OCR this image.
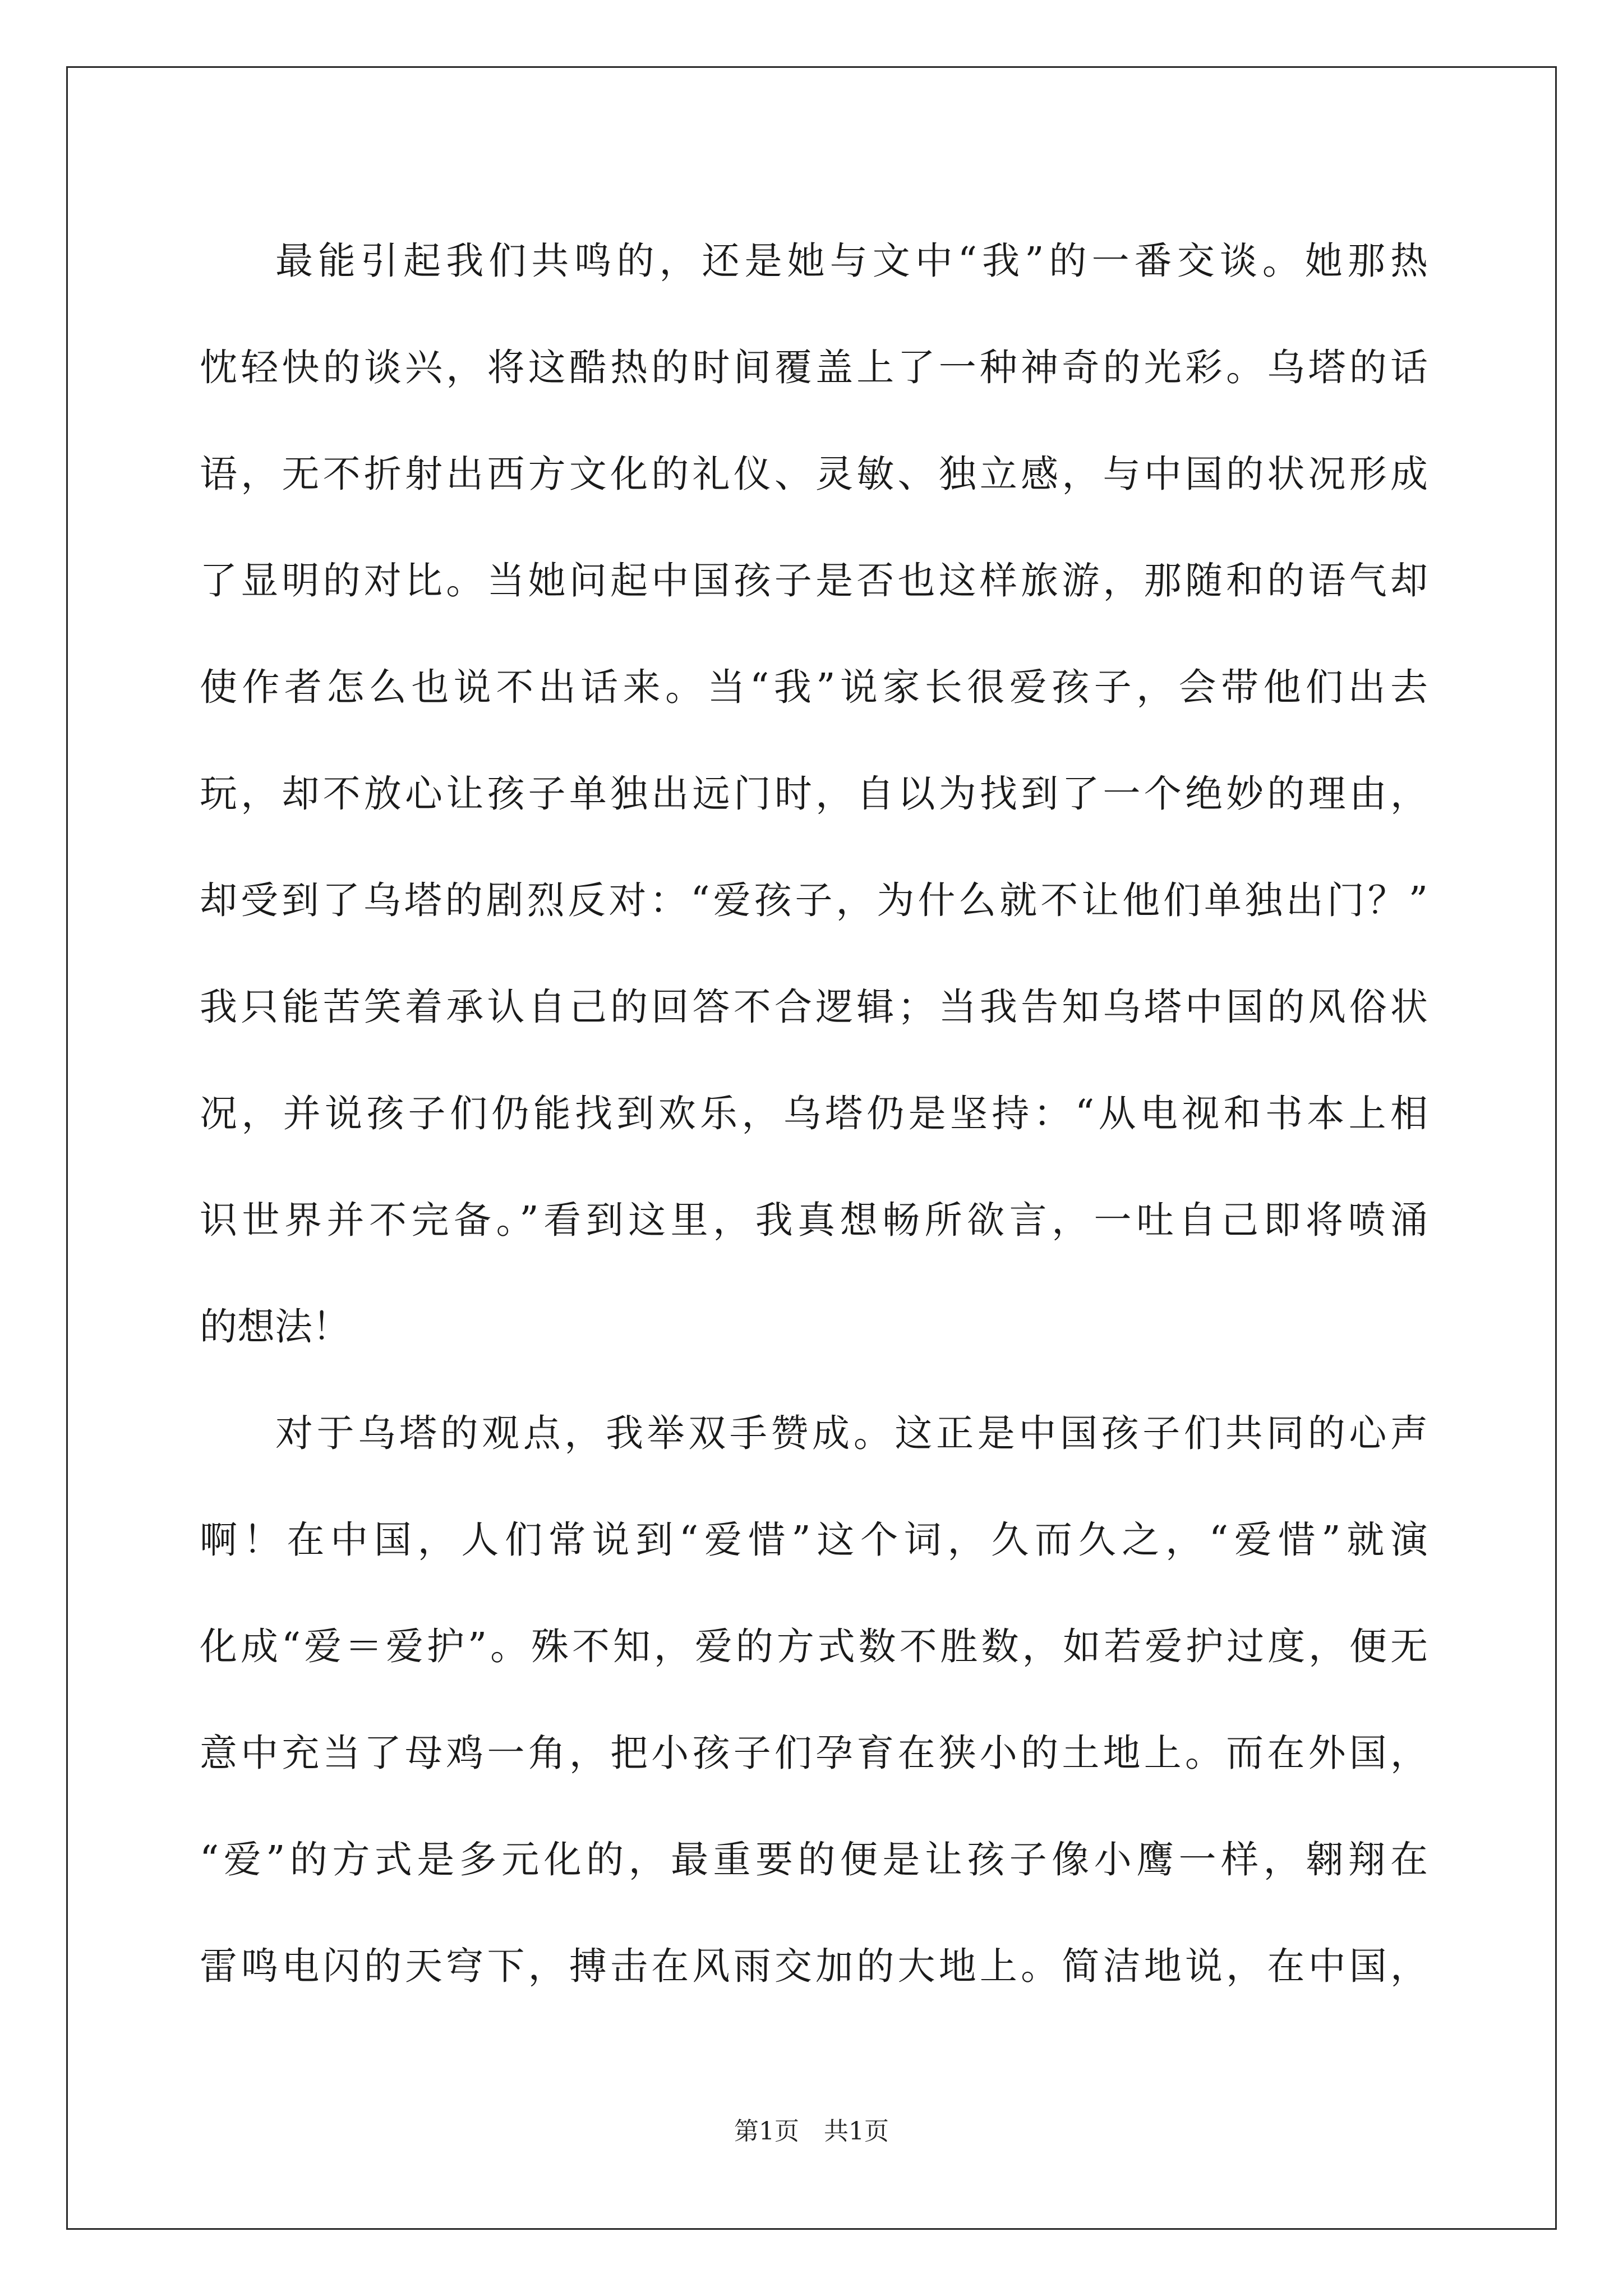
最能引起我们共鸣的，还是她与文中“我”的一番交谈。她那热
忱轻快的谈兴，将这酷热的时间覆盖上了一种神奇的光彩。乌塔的话
语，无不折射出西方文化的礼仪、灵敏、独立感，与中国的状况形成
了显明的对比。当她问起中国孩子是否也这样旅游，那随和的语气却
使作者怎么也说不出话来。当“我”说家长很爱孩子，会带他们出去
玩，却不放心让孩子单独出远门时，自以为找到了一个绝妙的理由，
却受到了乌塔的剧烈反对：“爱孩子，为什么就不让他们单独出门？”
我只能苦笑着承认自己的回答不合逻辑；当我告知乌塔中国的风俗状
况，并说孩子们仍能找到欢乐，乌塔仍是坚持：“从电视和书本上相
识世界并不完备。”看到这里，我真想畅所欲言，一吐自己即将喷涌
的想法！
对于乌塔的观点，我举双手赞成。这正是中国孩子们共同的心声
啊！在中国，人们常说到“爱惜”这个词，久而久之，“爱惜”就演
化成“爱＝爱护”。殊不知，爱的方式数不胜数，如若爱护过度，便无
意中充当了母鸡一角，把小孩子们孕育在狭小的土地上。而在外国，
“爱”的方式是多元化的，最重要的便是让孩子像小鹰一样，翱翔在
雷鸣电闪的天穹下，搏击在风雨交加的大地上。简洁地说，在中国，
第1页　共1页
